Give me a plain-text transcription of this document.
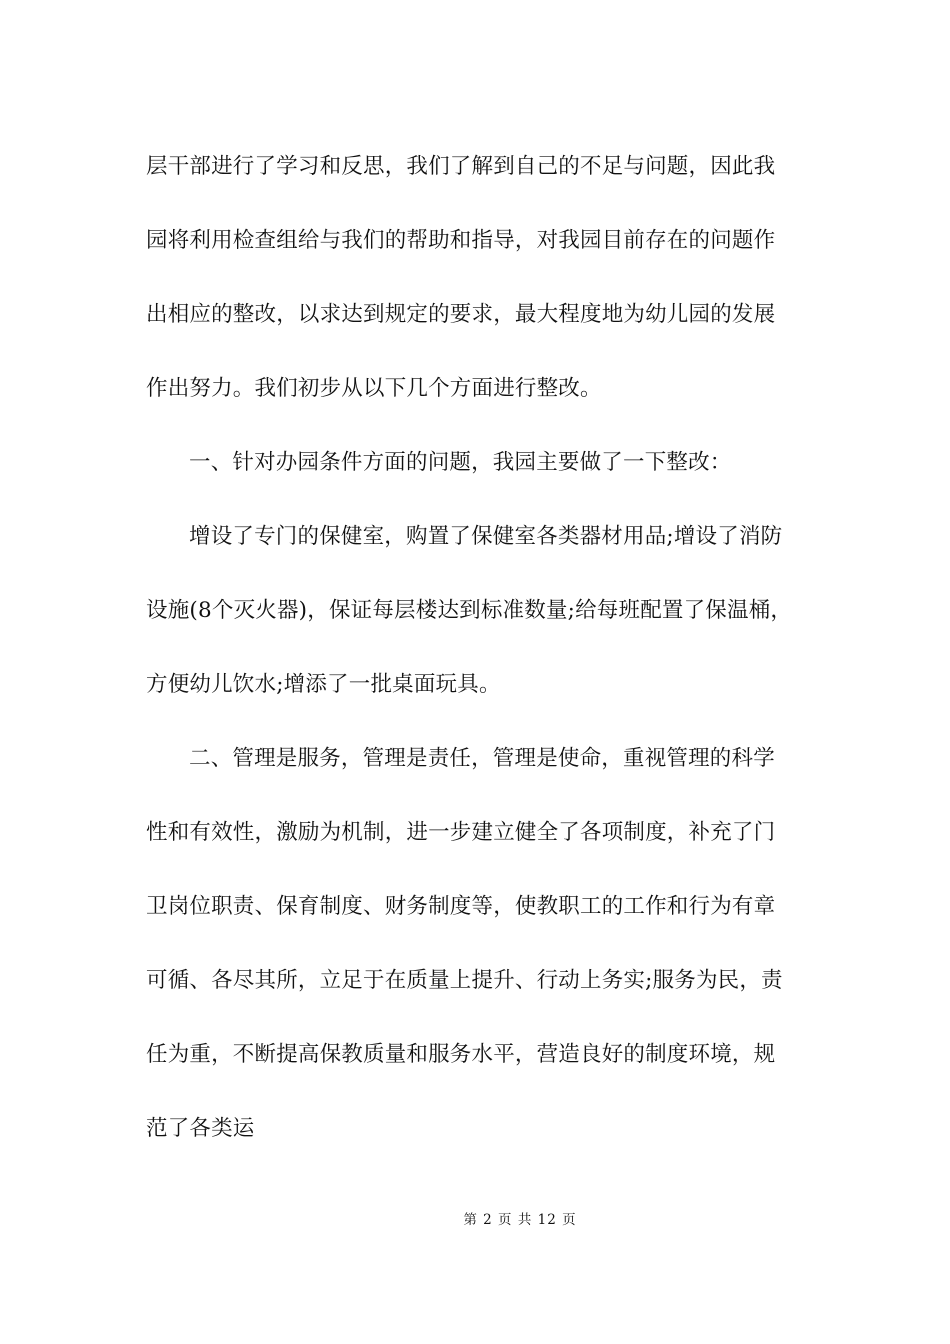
层干部进行了学习和反思，我们了解到自己的不足与问题，因此我
园将利用检查组给与我们的帮助和指导，对我园目前存在的问题作
出相应的整改，以求达到规定的要求，最大程度地为幼儿园的发展
作出努力。我们初步从以下几个方面进行整改。
一、针对办园条件方面的问题，我园主要做了一下整改：
增设了专门的保健室，购置了保健室各类器材用品;增设了消防
设施(8个灭火器)，保证每层楼达到标准数量;给每班配置了保温桶，
方便幼儿饮水;增添了一批桌面玩具。
二、管理是服务，管理是责任，管理是使命，重视管理的科学
性和有效性，激励为机制，进一步建立健全了各项制度，补充了门
卫岗位职责、保育制度、财务制度等，使教职工的工作和行为有章
可循、各尽其所，立足于在质量上提升、行动上务实;服务为民，责
任为重，不断提高保教质量和服务水平，营造良好的制度环境，规
范了各类运
第 2 页 共 12 页
